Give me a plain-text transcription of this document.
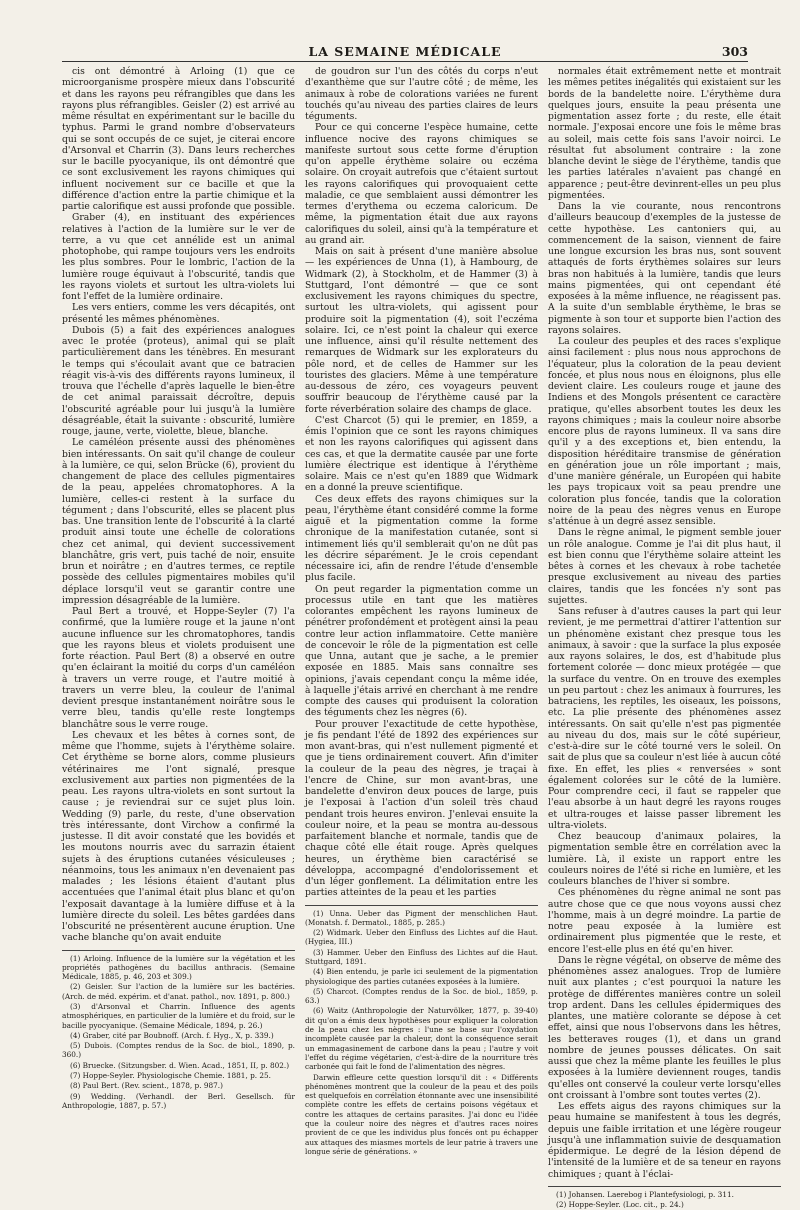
LA SEMAINE MÉDICALE	303

cis ont démontré à Arloing (1) que ce microorganisme prospère mieux dans l'obscurité et dans les rayons peu réfrangibles que dans les rayons plus réfrangibles. Geisler (2) est arrivé au même résultat en expérimentant sur le bacille du typhus. Parmi le grand nombre d'observateurs qui se sont occupés de ce sujet, je citerai encore d'Arsonval et Charrin (3). Dans leurs recherches sur le bacille pyocyanique, ils ont démontré que ce sont exclusivement les rayons chimiques qui influent nocivement sur ce bacille et que la différence d'action entre la partie chimique et la partie calorifique est aussi profonde que possible.

Graber (4), en instituant des expériences relatives à l'action de la lumière sur le ver de terre, a vu que cet annélide est un animal photophobe, qui rampe toujours vers les endroits les plus sombres. Pour le lombric, l'action de la lumière rouge équivaut à l'obscurité, tandis que les rayons violets et surtout les ultra-violets lui font l'effet de la lumière ordinaire.

Les vers entiers, comme les vers décapités, ont présenté les mêmes phénomènes.

Dubois (5) a fait des expériences analogues avec le protée (proteus), animal qui se plaît particulièrement dans les ténèbres. En mesurant le temps qui s'écoulait avant que ce batracien réagit vis-à-vis des différents rayons lumineux, il trouva que l'échelle d'après laquelle le bien-être de cet animal paraissait décroître, depuis l'obscurité agréable pour lui jusqu'à la lumière désagréable, était la suivante : obscurité, lumière rouge, jaune, verte, violette, bleue, blanche.

Le caméléon présente aussi des phénomènes bien intéressants. On sait qu'il change de couleur à la lumière, ce qui, selon Brücke (6), provient du changement de place des cellules pigmentaires de la peau, appelées chromatophores. A la lumière, celles-ci restent à la surface du tégument ; dans l'obscurité, elles se placent plus bas. Une transition lente de l'obscurité à la clarté produit ainsi toute une échelle de colorations chez cet animal, qui devient successivement blanchâtre, gris vert, puis taché de noir, ensuite brun et noirâtre ; en d'autres termes, ce reptile possède des cellules pigmentaires mobiles qu'il déplace lorsqu'il veut se garantir contre une impression désagréable de la lumière.

Paul Bert a trouvé, et Hoppe-Seyler (7) l'a confirmé, que la lumière rouge et la jaune n'ont aucune influence sur les chromatophores, tandis que les rayons bleus et violets produisent une forte réaction. Paul Bert (8) a observé en outre qu'en éclairant la moitié du corps d'un caméléon à travers un verre rouge, et l'autre moitié à travers un verre bleu, la couleur de l'animal devient presque instantanément noirâtre sous le verre bleu, tandis qu'elle reste longtemps blanchâtre sous le verre rouge.

Les chevaux et les bêtes à cornes sont, de même que l'homme, sujets à l'érythème solaire. Cet érythème se borne alors, comme plusieurs vétérinaires me l'ont signalé, presque exclusivement aux parties non pigmentées de la peau. Les rayons ultra-violets en sont surtout la cause ; je reviendrai sur ce sujet plus loin. Wedding (9) parle, du reste, d'une observation très intéressante, dont Virchow a confirmé la justesse. Il dit avoir constaté que les bovidés et les moutons nourris avec du sarrazin étaient sujets à des éruptions cutanées vésiculeuses ; néanmoins, tous les animaux n'en devenaient pas malades ; les lésions étaient d'autant plus accentuées que l'animal était plus blanc et qu'on l'exposait davantage à la lumière diffuse et à la lumière directe du soleil. Les bêtes gardées dans l'obscurité ne présentèrent aucune éruption. Une vache blanche qu'on avait enduite

(1) Arloing. Influence de la lumière sur la végétation et les propriétés pathogènes du bacillus anthracis. (Semaine Médicale, 1885, p. 46, 203 et 309.)

(2) Geisler. Sur l'action de la lumière sur les bactéries. (Arch. de méd. expérim. et d'anat. pathol., nov. 1891, p. 800.)

(3) d'Arsonval et Charrin. Influence des agents atmosphériques, en particulier de la lumière et du froid, sur le bacille pyocyanique. (Semaine Médicale, 1894, p. 26.)

(4) Graber, cité par Boubnoff. (Arch. f. Hyg., X, p. 339.)

(5) Dubois. (Comptes rendus de la Soc. de biol., 1890, p. 360.)

(6) Bruecke. (Sitzungsber. d. Wien. Acad., 1851, II, p. 802.)

(7) Hoppe-Seyler. Physiologische Chemie. 1881, p. 25.

(8) Paul Bert. (Rev. scient., 1878, p. 987.)

(9) Wedding. (Verhandl. der Berl. Gesellsch. für Anthropologie, 1887, p. 57.)

de goudron sur l'un des côtés du corps n'eut d'exanthème que sur l'autre côté ; de même, les animaux à robe de colorations variées ne furent touchés qu'au niveau des parties claires de leurs téguments.

Pour ce qui concerne l'espèce humaine, cette influence nocive des rayons chimiques se manifeste surtout sous cette forme d'éruption qu'on appelle érythème solaire ou eczéma solaire. On croyait autrefois que c'étaient surtout les rayons calorifiques qui provoquaient cette maladie, ce que semblaient aussi démontrer les termes d'erythema ou eczema caloricum. De même, la pigmentation était due aux rayons calorifiques du soleil, ainsi qu'à la température et au grand air.

Mais on sait à présent d'une manière absolue — les expériences de Unna (1), à Hambourg, de Widmark (2), à Stockholm, et de Hammer (3) à Stuttgard, l'ont démontré — que ce sont exclusivement les rayons chimiques du spectre, surtout les ultra-violets, qui agissent pour produire soit la pigmentation (4), soit l'eczéma solaire. Ici, ce n'est point la chaleur qui exerce une influence, ainsi qu'il résulte nettement des remarques de Widmark sur les explorateurs du pôle nord, et de celles de Hammer sur les touristes des glaciers. Même à une température au-dessous de zéro, ces voyageurs peuvent souffrir beaucoup de l'érythème causé par la forte réverbération solaire des champs de glace.

C'est Charcot (5) qui le premier, en 1859, a émis l'opinion que ce sont les rayons chimiques et non les rayons calorifiques qui agissent dans ces cas, et que la dermatite causée par une forte lumière électrique est identique à l'érythème solaire. Mais ce n'est qu'en 1889 que Widmark en a donné la preuve scientifique.

Ces deux effets des rayons chimiques sur la peau, l'érythème étant considéré comme la forme aiguë et la pigmentation comme la forme chronique de la manifestation cutanée, sont si intimement liés qu'il semblerait qu'on ne dût pas les décrire séparément. Je le crois cependant nécessaire ici, afin de rendre l'étude d'ensemble plus facile.

On peut regarder la pigmentation comme un processus utile en tant que les matières colorantes empêchent les rayons lumineux de pénétrer profondément et protègent ainsi la peau contre leur action inflammatoire. Cette manière de concevoir le rôle de la pigmentation est celle que Unna, autant que je sache, a le premier exposée en 1885. Mais sans connaître ses opinions, j'avais cependant conçu la même idée, à laquelle j'étais arrivé en cherchant à me rendre compte des causes qui produisent la coloration des téguments chez les nègres (6).

Pour prouver l'exactitude de cette hypothèse, je fis pendant l'été de 1892 des expériences sur mon avant-bras, qui n'est nullement pigmenté et que je tiens ordinairement couvert. Afin d'imiter la couleur de la peau des nègres, je traçai à l'encre de Chine, sur mon avant-bras, une bandelette d'environ deux pouces de large, puis je l'exposai à l'action d'un soleil très chaud pendant trois heures environ. J'enlevai ensuite la couleur noire, et la peau se montra au-dessous parfaitement blanche et normale, tandis que de chaque côté elle était rouge. Après quelques heures, un érythème bien caractérisé se développa, accompagné d'endolorissement et d'un léger gonflement. La délimitation entre les parties atteintes de la peau et les parties

(1) Unna. Ueber das Pigment der menschlichen Haut. (Monatsh. f. Dermatol., 1885, p. 285.)

(2) Widmark. Ueber den Einfluss des Lichtes auf die Haut. (Hygiea, III.)

(3) Hammer. Ueber den Einfluss des Lichtes auf die Haut. Stuttgard, 1891.

(4) Bien entendu, je parle ici seulement de la pigmentation physiologique des parties cutanées exposées à la lumière.

(5) Charcot. (Comptes rendus de la Soc. de biol., 1859, p. 63.)

(6) Waitz (Anthropologie der Naturvölker, 1877, p. 39-40) dit qu'on a émis deux hypothèses pour expliquer la coloration de la peau chez les nègres : l'une se base sur l'oxydation incomplète causée par la chaleur, dont la conséquence serait un emmagasinement de carbone dans la peau ; l'autre y voit l'effet du régime végétarien, c'est-à-dire de la nourriture très carbonée qui fait le fond de l'alimentation des nègres.

Darwin effleure cette question lorsqu'il dit : « Différents phénomènes montrent que la couleur de la peau et des poils est quelquefois en corrélation étonnante avec une insensibilité complète contre les effets de certains poisons végétaux et contre les attaques de certains parasites. J'ai donc eu l'idée que la couleur noire des nègres et d'autres races noires provient de ce que les individus plus foncés ont pu échapper aux attaques des miasmes mortels de leur patrie à travers une longue série de générations. »

normales était extrêmement nette et montrait les mêmes petites inégalités qui existaient sur les bords de la bandelette noire. L'érythème dura quelques jours, ensuite la peau présenta une pigmentation assez forte ; du reste, elle était normale. J'exposai encore une fois le même bras au soleil, mais cette fois sans l'avoir noirci. Le résultat fut absolument contraire : la zone blanche devint le siège de l'érythème, tandis que les parties latérales n'avaient pas changé en apparence ; peut-être devinrent-elles un peu plus pigmentées.

Dans la vie courante, nous rencontrons d'ailleurs beaucoup d'exemples de la justesse de cette hypothèse. Les cantoniers qui, au commencement de la saison, viennent de faire une longue excursion les bras nus, sont souvent attaqués de forts érythèmes solaires sur leurs bras non habitués à la lumière, tandis que leurs mains pigmentées, qui ont cependant été exposées à la même influence, ne réagissent pas. A la suite d'un semblable érythème, le bras se pigmente à son tour et supporte bien l'action des rayons solaires.

La couleur des peuples et des races s'explique ainsi facilement : plus nous nous approchons de l'équateur, plus la coloration de la peau devient foncée, et plus nous nous en éloignons, plus elle devient claire. Les couleurs rouge et jaune des Indiens et des Mongols présentent ce caractère pratique, qu'elles absorbent toutes les deux les rayons chimiques ; mais la couleur noire absorbe encore plus de rayons lumineux. Il va sans dire qu'il y a des exceptions et, bien entendu, la disposition héréditaire transmise de génération en génération joue un rôle important ; mais, d'une manière générale, un Européen qui habite les pays tropicaux voit sa peau prendre une coloration plus foncée, tandis que la coloration noire de la peau des nègres venus en Europe s'atténue à un degré assez sensible.

Dans le règne animal, le pigment semble jouer un rôle analogue. Comme je l'ai dit plus haut, il est bien connu que l'érythème solaire atteint les bêtes à cornes et les chevaux à robe tachetée presque exclusivement au niveau des parties claires, tandis que les foncées n'y sont pas sujettes.

Sans refuser à d'autres causes la part qui leur revient, je me permettrai d'attirer l'attention sur un phénomène existant chez presque tous les animaux, à savoir : que la surface la plus exposée aux rayons solaires, le dos, est d'habitude plus fortement colorée — donc mieux protégée — que la surface du ventre. On en trouve des exemples un peu partout : chez les animaux à fourrures, les batraciens, les reptiles, les oiseaux, les poissons, etc. La plie présente des phénomènes assez intéressants. On sait qu'elle n'est pas pigmentée au niveau du dos, mais sur le côté supérieur, c'est-à-dire sur le côté tourné vers le soleil. On sait de plus que sa couleur n'est liée à aucun côté fixe. En effet, les plies « renversées » sont également colorées sur le côté de la lumière. Pour comprendre ceci, il faut se rappeler que l'eau absorbe à un haut degré les rayons rouges et ultra-rouges et laisse passer librement les ultra-violets.

Chez beaucoup d'animaux polaires, la pigmentation semble être en corrélation avec la lumière. Là, il existe un rapport entre les couleurs noires de l'été si riche en lumière, et les couleurs blanches de l'hiver si sombre.

Ces phénomènes du règne animal ne sont pas autre chose que ce que nous voyons aussi chez l'homme, mais à un degré moindre. La partie de notre peau exposée à la lumière est ordinairement plus pigmentée que le reste, et encore l'est-elle plus en été qu'en hiver.

Dans le règne végétal, on observe de même des phénomènes assez analogues. Trop de lumière nuit aux plantes ; c'est pourquoi la nature les protège de différentes manières contre un soleil trop ardent. Dans les cellules épidermiques des plantes, une matière colorante se dépose à cet effet, ainsi que nous l'observons dans les hêtres, les betteraves rouges (1), et dans un grand nombre de jeunes pousses délicates. On sait aussi que chez la même plante les feuilles le plus exposées à la lumière deviennent rouges, tandis qu'elles ont conservé la couleur verte lorsqu'elles ont croissant à l'ombre sont toutes vertes (2).

Les effets aigus des rayons chimiques sur la peau humaine se manifestent à tous les degrés, depuis une faible irritation et une légère rougeur jusqu'à une inflammation suivie de desquamation épidermique. Le degré de la lésion dépend de l'intensité de la lumière et de sa teneur en rayons chimiques ; quant à l'éclai-

(1) Johansen. Laerebog i Plantefysiologi, p. 311.

(2) Hoppe-Seyler. (Loc. cit., p. 24.)
